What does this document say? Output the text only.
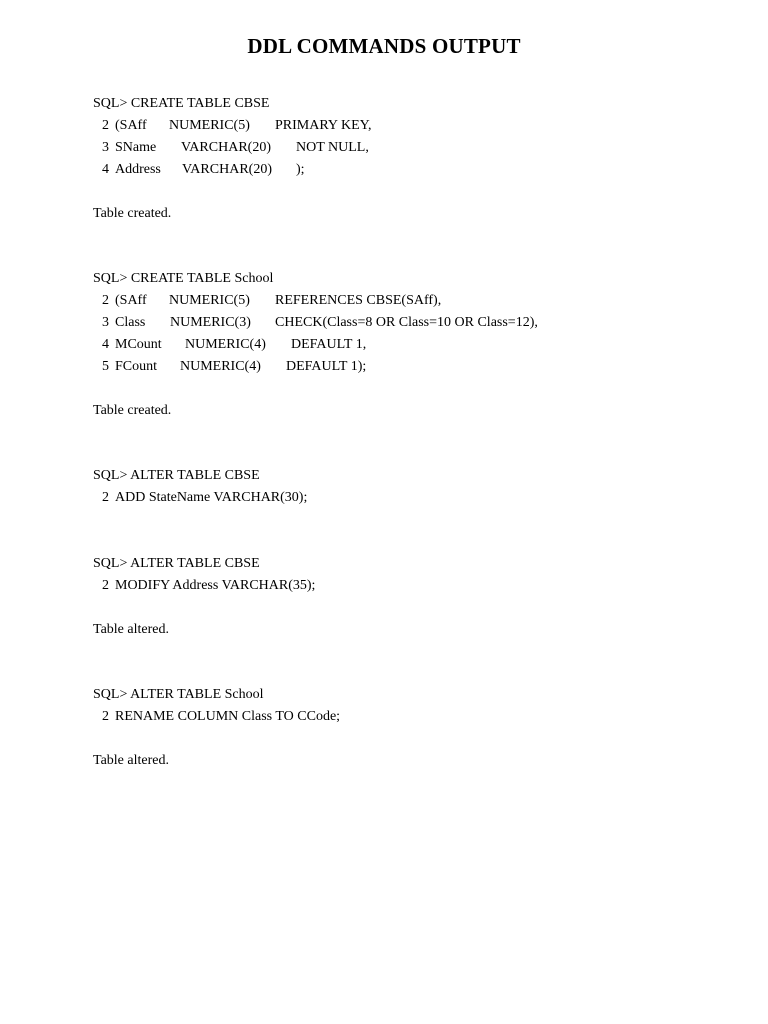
DDL COMMANDS OUTPUT
SQL> CREATE TABLE CBSE
2 (SAff NUMERIC(5) PRIMARY KEY,
3 SName VARCHAR(20) NOT NULL,
4 Address VARCHAR(20) );
Table created.
SQL> CREATE TABLE School
2 (SAff NUMERIC(5) REFERENCES CBSE(SAff),
3 Class NUMERIC(3) CHECK(Class=8 OR Class=10 OR Class=12),
4 MCount NUMERIC(4) DEFAULT 1,
5 FCount NUMERIC(4) DEFAULT 1);
Table created.
SQL> ALTER TABLE CBSE
2 ADD StateName VARCHAR(30);
SQL> ALTER TABLE CBSE
2 MODIFY Address VARCHAR(35);
Table altered.
SQL> ALTER TABLE School
2 RENAME COLUMN Class TO CCode;
Table altered.
